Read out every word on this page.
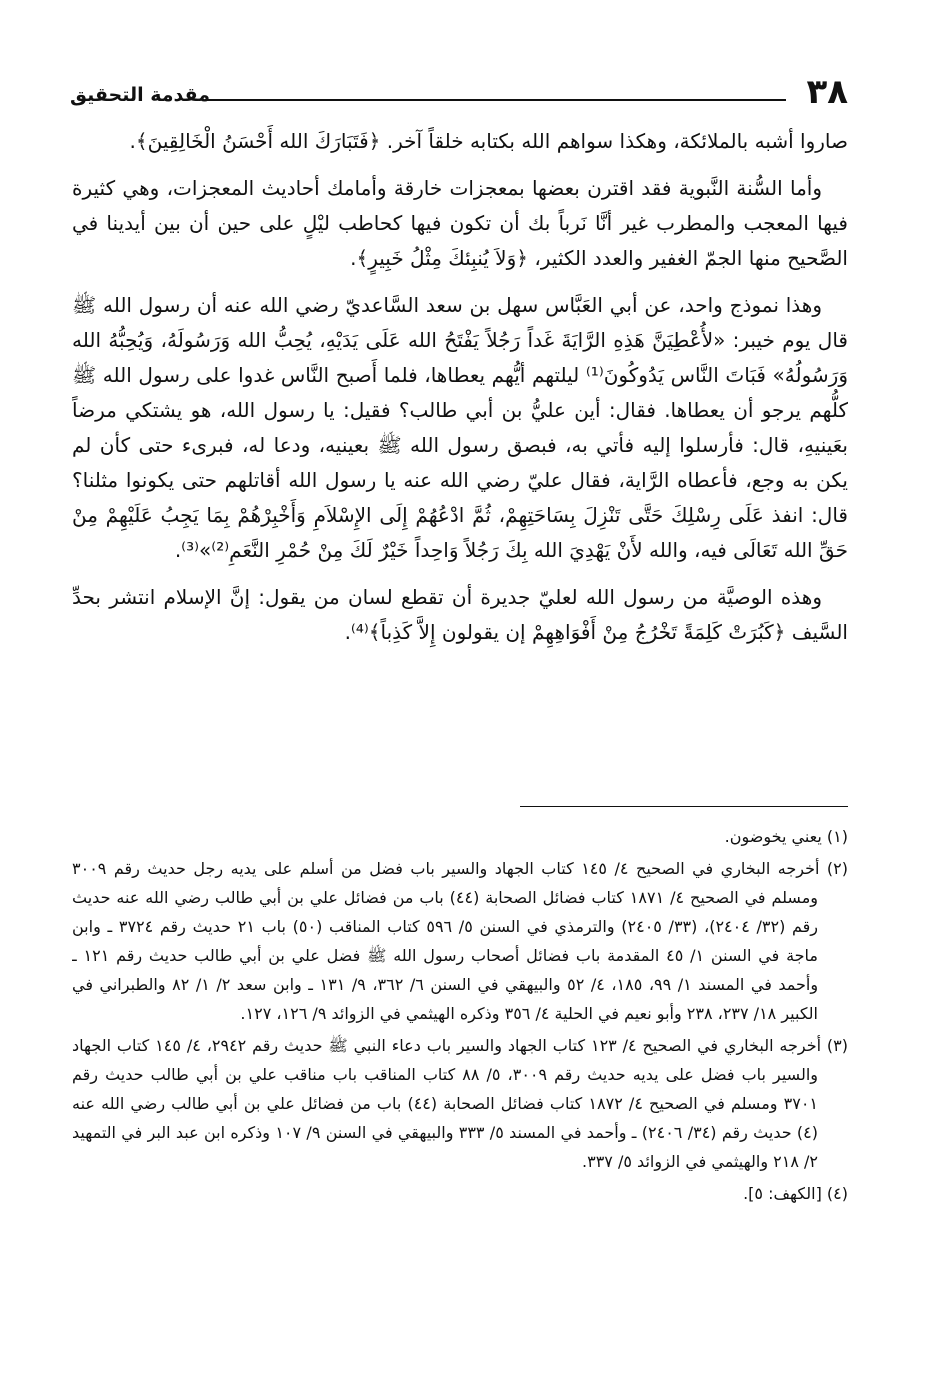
٣٨
مقدمة التحقيق

صاروا أشبه بالملائكة، وهكذا سواهم الله بكتابه خلقاً آخر. ﴿فَتَبَارَكَ الله أَحْسَنُ الْخَالِقِينَ﴾.

وأما السُّنة النَّبوية فقد اقترن بعضها بمعجزات خارقة وأمامك أحاديث المعجزات، وهي كثيرة فيها المعجب والمطرب غير أنَّا نَرباً بك أن تكون فيها كحاطب ليْلٍ على حين أن بين أيدينا في الصَّحيح منها الجمّ الغفير والعدد الكثير، ﴿وَلاَ يُنبِئكَ مِثْلُ خَبِيرٍ﴾.

وهذا نموذج واحد، عن أبي العَبَّاس سهل بن سعد السَّاعديّ رضي الله عنه أن رسول الله ﷺ قال يوم خيبر: «لأُعْطِيَنَّ هَذِهِ الرَّايَةَ غَداً رَجُلاً يَفْتَحُ الله عَلَى يَدَيْهِ، يُحِبُّ الله وَرَسُولَهُ، وَيُحِبُّهُ الله وَرَسُولُهُ» فَبَاتَ النَّاس يَدُوكُونَ⁽¹⁾ ليلتهم أيُّهم يعطاها، فلما أَصبح النَّاس غدوا على رسول الله ﷺ كلُّهم يرجو أن يعطاها. فقال: أين عليُّ بن أبي طالب؟ فقيل: يا رسول الله، هو يشتكي مرضاً بعَينيهِ، قال: فأرسلوا إليه فأتي به، فبصق رسول الله ﷺ بعينيه، ودعا له، فبرىء حتى كأن لم يكن به وجع، فأعطاه الرَّاية، فقال عليّ رضي الله عنه يا رسول الله أقاتلهم حتى يكونوا مثلنا؟ قال: انفذ عَلَى رِسْلِكَ حَتَّى تَنْزِلَ بِسَاحَتِهِمْ، ثُمَّ ادْعُهُمْ إِلَى الإِسْلاَمِ وَأَخْبِرْهُمْ بِمَا يَجِبُ عَلَيْهِمْ مِنْ حَقِّ الله تَعَالَى فيه، والله لأَنْ يَهْدِيَ الله بِكَ رَجُلاً وَاحِداً خَيْرٌ لَكَ مِنْ حُمْرِ النَّعَمِ⁽²⁾»⁽³⁾.

وهذه الوصيَّة من رسول الله لعليّ جديرة أن تقطع لسان من يقول: إنَّ الإسلام انتشر بحدِّ السَّيف ﴿كَبُرَتْ كَلِمَةً تَخْرُجُ مِنْ أَفْوَاهِهِمْ إن يقولون إِلاَّ كَذِباً﴾⁽⁴⁾.

(١) يعني يخوضون.
(٢) أخرجه البخاري في الصحيح ٤/ ١٤٥ كتاب الجهاد والسير باب فضل من أسلم على يديه رجل حديث رقم ٣٠٠٩ ومسلم في الصحيح ٤/ ١٨٧١ كتاب فضائل الصحابة (٤٤) باب من فضائل علي بن أبي طالب رضي الله عنه حديث رقم (٣٢/ ٢٤٠٤)، (٣٣/ ٢٤٠٥) والترمذي في السنن ٥/ ٥٩٦ كتاب المناقب (٥٠) باب ٢١ حديث رقم ٣٧٢٤ ـ وابن ماجة في السنن ١/ ٤٥ المقدمة باب فضائل أصحاب رسول الله ﷺ فضل علي بن أبي طالب حديث رقم ١٢١ ـ وأحمد في المسند ١/ ٩٩، ١٨٥، ٤/ ٥٢ والبيهقي في السنن ٦/ ٣٦٢، ٩/ ١٣١ ـ وابن سعد ٢/ ١/ ٨٢ والطبراني في الكبير ١٨/ ٢٣٧، ٢٣٨ وأبو نعيم في الحلية ٤/ ٣٥٦ وذكره الهيثمي في الزوائد ٩/ ١٢٦، ١٢٧.
(٣) أخرجه البخاري في الصحيح ٤/ ١٢٣ كتاب الجهاد والسير باب دعاء النبي ﷺ حديث رقم ٢٩٤٢، ٤/ ١٤٥ كتاب الجهاد والسير باب فضل على يديه حديث رقم ٣٠٠٩، ٥/ ٨٨ كتاب المناقب باب مناقب علي بن أبي طالب حديث رقم ٣٧٠١ ومسلم في الصحيح ٤/ ١٨٧٢ كتاب فضائل الصحابة (٤٤) باب من فضائل علي بن أبي طالب رضي الله عنه (٤) حديث رقم (٣٤/ ٢٤٠٦) ـ وأحمد في المسند ٥/ ٣٣٣ والبيهقي في السنن ٩/ ١٠٧ وذكره ابن عبد البر في التمهيد ٢/ ٢١٨ والهيثمي في الزوائد ٥/ ٣٣٧.
(٤) [الكهف: ٥].
